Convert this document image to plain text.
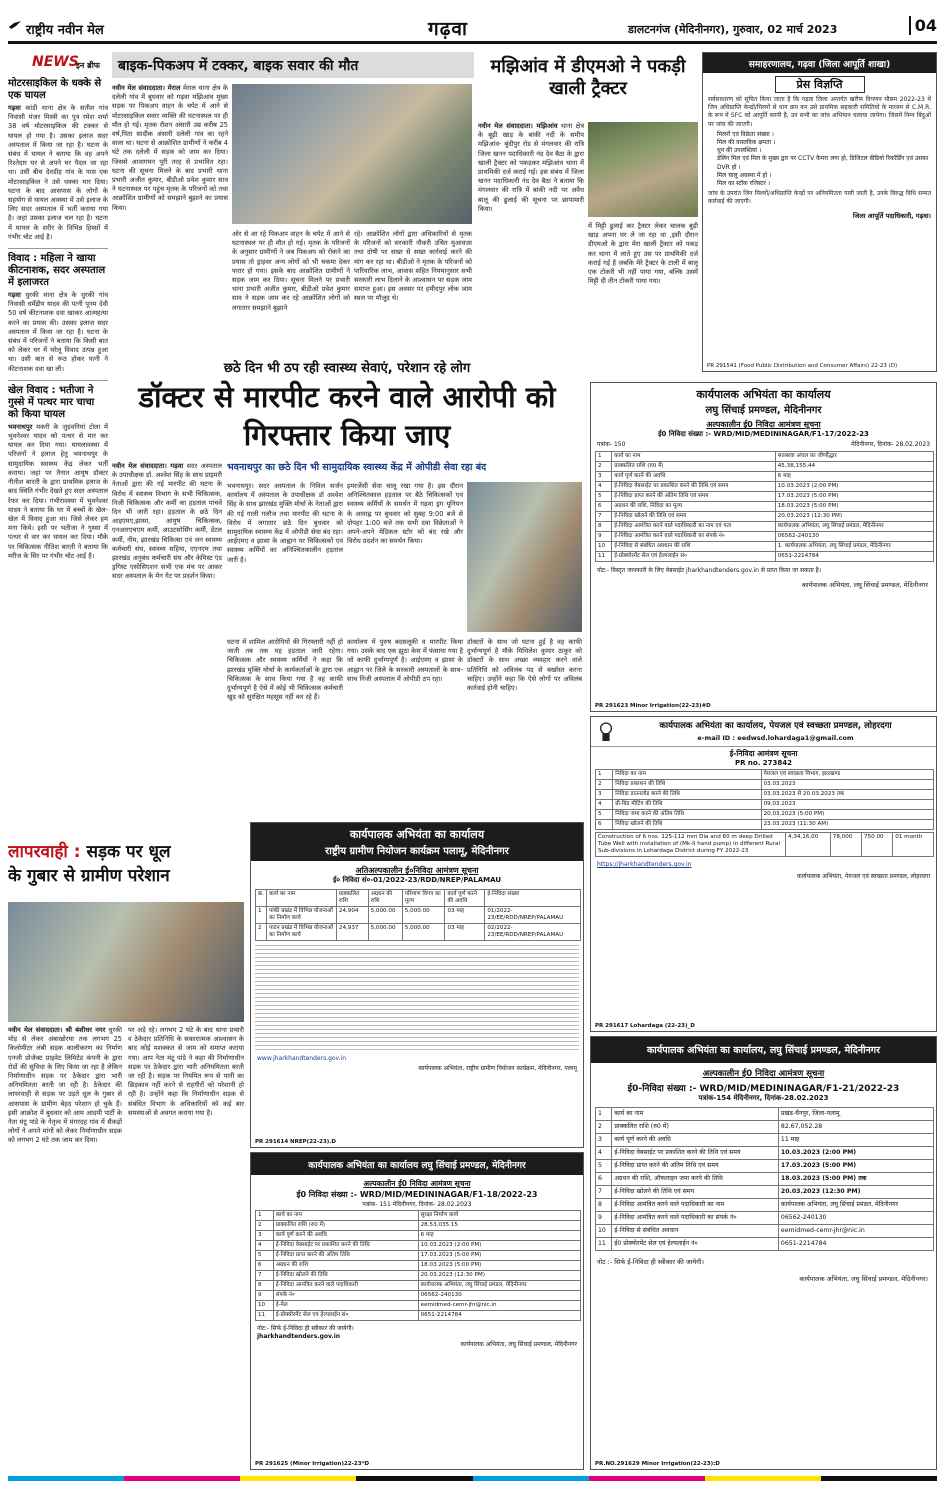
राष्ट्रीय नवीन मेल	गढ़वा	डालटनगंज (मेदिनीनगर), गुरुवार, 02 मार्च 2023	04
NEWS
इन ब्रीफ
मोटरसाइकिल के धक्के से एक घायल
गढ़वा कांडी थाना क्षेत्र के सतीश गांव निवासी मंजर मिस्त्री का पुत्र रमेश शर्मा 38 वर्ष मोटरसाइकिल की टक्कर से घायल हो गया है। उसका इलाज सदर अस्पताल में किया जा रहा है। घटना के संबंध में घायल ने बताया कि वह अपने रिश्तेदार घर से अपने घर पैदल जा रहा था। उसी बीच देवडीह गांव के पास एक मोटरसाइकिल ने उसे धक्का मार दिया। घटना के बाद आसपास के लोगों के सहयोग से घायल अवस्था में उसे इलाज के लिए सदर अस्पताल में भर्ती कराया गया है। जहां उसका इलाज चल रहा है। घटना में घायल के शरीर के विभिन्न हिस्सों में गंभीर चोट आई है।
विवाद : महिला ने खाया कीटनाशक, सदर अस्पताल में इलाजरत
गढ़वा धुरकी थाना क्षेत्र के धुरकी गांव निवासी धर्मेंद्रीय यादव की पत्नी पूनम देवी 50 वर्ष कीटनाशक दवा खाकर आत्महत्या करने का प्रयास की। उसका इलाज सदर अस्पताल में किया जा रहा है। घटना के संबंध में परिजनों ने बताया कि किसी बात को लेकर घर में घरेलू विवाद उत्पन्न हुआ था। उसी बात से रूठ होकर पत्नी ने कीटनाशक दवा खा ली।
खेल विवाद : भतीजा ने गुस्से में पत्थर मार चाचा को किया घायल
भवनाथपुर मकरी के जुड़वनियां टोला में भुवनेश्वर यादव को पत्थर से मार कर घायल कर दिया गया। घायलावस्था में परिजनों ने इलाज हेतु भवनाथपुर के सामुदायिक स्वास्थ्य केंद्र लेकर भर्ती कराया। जहां पर तैनात आयुष डॉक्टर नीतीश बारती के द्वारा प्राथमिक इलाज के बाद स्थिति गंभीर देखते हुए सदर अस्पताल रेफर कर दिया। गंभीरावस्था में भुवनेश्वर यादव ने बताया कि घर में बच्चों के खेल-खेल में विवाद हुआ था। जिसे लेकर हम मना किये। इसी पर भतीजा ने गुस्सा में पत्थर से वार कर घायल कर दिया। मौके पर चिकित्सक नीतिश बारती ने बताया कि मरीज के सिर पर गंभीर चोट आई है।
बाइक-पिकअप में टक्कर, बाइक सवार की मौत
नवीन मेल संवाददाता। मेराल मेराल थाना क्षेत्र के दलेली गांव में बुधवार को गढ़वा मझिआंव मुख्य सड़क पर पिकअप वाहन के चपेट में आने से मोटरसाइकिल सवार व्यक्ति की घटनास्थल पर ही मौत हो गई। मृतक रौशन अंसारी उम्र करीब 25 वर्ष,पिता सादीक अंसारी दलेली गांव का रहने वाला था। घटना से आक्रोशित ग्रामीणों ने करीब 4 घंटे तक दलेली में सड़क को जाम कर दिया। जिससे आवागमन पूरी तरह से प्रभावित रहा। घटना की सूचना मिलने के बाद प्रभारी थाना प्रभारी अजीत कुमार, बीडीओ प्रवेश कुमार साव ने घटनास्थल पर पहुंच मृतक के परिजनों को तथा आक्रोशित ग्रामीणों को समझाने बुझाने का प्रयास किया।
ओर से आ रहे पिकअप वाहन के चपेट में आने से घटनास्थल पर ही मौत हो गई। मृतक के परिजनों के अनुसार ग्रामीणों ने जब पिकअप को रोकने का प्रयास तो ड्राइवर अन्य लोगों को भी चकमा देकर फरार हो गया। इसके बाद आक्रोशित ग्रामीणों ने सड़क जाम कर दिया। सूचना मिलने पर प्रभारी थाना प्रभारी अजीत कुमार, बीडीओ प्रवेश कुमार साव ने सड़क जाम कर रहे आक्रोशित लोगों को लगातार समझाने बुझाने
रहे। आक्रोशित लोगों द्वारा अधिकारियों से मृतक के परिजनों को सरकारी नौकरी उचित मुआवजा तथा दोषी पर सख्त से सख्त कार्रवाई करने की मांग कर रहा था। बीडीओ ने मृतक के परिजनों को पारिवारिक लाभ, आवास सहित नियमानुसार सभी सरकारी लाभ दिलाने के आश्वासन पर सड़क जाम समाप्त हुआ। इस अवसर पर हमीदपुर लोक जाम स्थल पर मौजूद थे।
मझिआंव में डीएमओ ने पकड़ी खाली ट्रैक्टर
नवीन मेल संवाददाता। मझिआंव थाना क्षेत्र के बूढ़ी खाड़ के बांकी नदी के समीप मझिआंव- बुंदीपुर रोड से मंगलवार की रात्रि जिला खनन पदाधिकारी नंद देव बैठा के द्वारा खाली ट्रैक्टर को पकड़कर मझिआंव थाना में प्राथमिकी दर्ज कराई गई। इस संबंध में जिला खनन पदाधिकारी नंद देव बैठा ने बताया कि मंगलवार की रात्रि में बांकी नदी पर अवैध बालू की ढुलाई की सूचना पर छापामारी किया।
में मिट्टी ढुलाई कर ट्रैक्टर लेकर चालक बुड़ी खाड़ अपना घर ले जा रहा था ,इसी दौरान डीएमओ के द्वारा मेरा खाली ट्रैक्टर को पकड़ कर थाना में लाते हुए उस पर प्राथमिकी दर्ज कराई गई है जबकि मेरे ट्रैक्टर के टाली में बालू एक टोकरी भी नहीं पाया गया, बल्कि उसमें मिट्टी दी तीन टोकरी पाया गया।
समाहरणालय, गढ़वा (जिला आपूर्ति शाखा)
प्रेस विज्ञप्ति
सर्वसाधारण को सूचित किया जाता है कि गढ़वा जिला अन्तर्गत खरीफ विपणन मौसम 2022-23 में जिन अधिप्राप्ति केन्द्रों/मिलरों से धान क्रय कर उसे प्राथमिक सहकारी समितियों के माध्यम से C.M.R. के रूप में SFC को आपूर्ति करनी है, उन सभी का जांच अभियान चलाया जायेगा। जिसमें निम्न बिंदुओं पर जांच की जाएगी।
मिलरों एवं विक्रेता संख्या ।
मिल की वास्तविक क्षमता ।
धुन की उपलब्धियां ।
डेलिंग मिल एवं मिल के मुख्य द्वार पर CCTV कैमरा लगा हो, डिजिटल वीडियो रिकॉर्डिंग एवं उसका DVR हो ।
मिल चालू अवस्था में हो ।
मिल का स्टॉक रजिस्टर ।
जांच के उपरांत जिन मिलरों/अधिप्राप्ति केन्द्रों पर अनियमितता पायी जाती है, उनके विरुद्ध विधि सम्मत कार्रवाई की जाएगी।
जिला आपूर्ति पदाधिकारी, गढ़वा।
PR 291541 (Food Public Distribution and Consumer Affairs) 22-23 (D)
छठे दिन भी ठप रही स्वास्थ्य सेवाएं, परेशान रहे लोग
डॉक्टर से मारपीट करने वाले आरोपी को गिरफ्तार किया जाए
नवीन मेल संवाददाता। गढ़वा सदर अस्पताल के उपाधीक्षक डॉ. अश्वेश सिंह के साथ प्राइमरी नेताओं द्वारा की गई मारपीट की घटना के विरोध में स्वास्थ्य विभाग के सभी चिकित्सक, निजी चिकित्सक और कर्मी का हड़ताल पांचवें दिन भी जारी रहा। हड़ताल के छठे दिन आइएमए,झासा, आयुष चिकित्सक, एनआरएचएम कर्मी, आउटसोर्सिंग कर्मी, डेंटल कर्मी, नीम, झारखंड चिकित्सा एवं जन स्वास्थ्य कर्मचारी संघ, स्वास्थ्य सहिया, एएनएम तथा झारखंड अनुबंध कर्मचारी संघ और केमिस्ट एंड ड्रगिस्ट एसोसिएशन सभी एक मंच पर आकर सदर अस्पताल के मेन गेट पर प्रदर्शन किया।
भवनाथपुर का छठे दिन भी सामुदायिक स्वास्थ्य केंद्र में ओपीडी सेवा रहा बंद
भवनाथपुर। सदर अस्पताल के निविल सर्जन कार्यालय में अस्पताल के उपाधीक्षक डॉ अश्वेश सिंह के साथ झारखंड मुक्ति मोर्चा के नेताओं द्वारा की गई गाली गलौज तथा मारपीट की घटना के विरोध में लगातार छठे दिन बुधवार को सामुदायिक स्वास्थ्य केंद्र में ओपीडी सेवा बंद रहा। आईएमए व झासा के आह्वान पर चिकित्सकों एवं स्वास्थ्य कर्मियों का अनिश्चितकालीन हड़ताल जारी है।
इमरजेंसी सेवा चालू रखा गया है। इस दौरान अनिश्चितकाल हड़ताल पर बैठे चिकित्सकों एवं स्वास्थ्य कर्मियों के समर्थन में गढ़वा ड्रग यूनियन के आवाह्न पर बुधवार को सुबह 9:00 बजे से दोपहर 1:00 बजे तक सभी दवा विक्रेताओं ने अपने-अपने मेडिकल स्टोर को बंद रखे और विरोध प्रदर्शन का समर्थन किया।
घटना में शामिल आरोपियों की गिरफ्तारी नहीं हो जाती तब तक यह हड़ताल जारी रहेगा। चिकित्सक और स्वास्थ्य कर्मियों ने कहा कि झारखंड मुक्ति मोर्चा के कार्यकर्ताओं के द्वारा एक चिकित्सक के साथ किया गया है वह काफी दुर्भाग्यपूर्ण है ऐसे में कोई भी चिकित्सक कर्मचारी खुद को सुरक्षित महसूस नहीं कर रहे हैं।
कार्यालय में पुरुष बदसलूकी व मारपीट किया गया। उसके बाद एक झूठा केस में फंसाया गया है जो काफी दुर्भाग्यपूर्ण है। आईएमए व झासा के आह्वान पर जिले के सरकारी अस्पतालों के साथ-साथ निजी अस्पताल में ओपीडी ठप रहा।
डॉक्टरों के साथ जो घटना हुई है वह काफी दुर्भाग्यपूर्ण है मौके मिथिलेश कुमार ठाकुर को डॉक्टरों के साथ अच्छा व्यवहार करने वाले प्रतिनिधि को अविलंब पद से बर्खास्त करना चाहिए। उन्होंने कहा कि ऐसे लोगों पर अविलंब कार्रवाई होनी चाहिए।
कार्यपालक अभियंता का कार्यालय
लघु सिंचाई प्रमण्डल, मेदिनीनगर
अल्पकालीन ई0 निविदा आमंत्रण सूचना
ई0 निविदा संख्या :- WRD/MID/MEDININAGAR/F1-17/2022-23
पत्रांक- 150	मेदिनीनगर, दिनांक- 28.02.2023
1	कार्य का नाम	सतबरवा अंचल का जीर्णोद्धार
2	प्राक्कलित राशि (रु0 में)	45,38,155.44
3	कार्य पूर्ण करने की अवधि	6 माह
4	ई-निविदा वेबसाईट पर प्रकाशित करने की तिथि एवं समय	10.03.2023 (2:00 PM)
5	ई-निविदा प्राप्त करने की अंतिम तिथि एवं समय	17.03.2023 (5:00 PM)
6	अग्रधन की राशि, निविदा का मूल्य	18.03.2023 (5:00 PM)
7	ई-निविदा खोलने की तिथि एवं समय	20.03.2023 (12:30 PM)
8	ई-निविदा आमंत्रित करने वाले पदाधिकारी का नाम एवं पता	कार्यपालक अभियंता, लघु सिंचाई प्रमंडल, मेदिनीनगर
9	ई-निविदा आमंत्रित करने वाले पदाधिकारी का संपर्क नं०	06562-240130
10	ई-निविदा से संबंधित अवधान की राशि	1. कार्यपालक अभियंता, लघु सिंचाई प्रमंडल, मेदिनीनगर
11	ई-प्रोक्योरमेंट सेल एवं हेल्पलाईन सं०	0651-2214784
नोट:- विस्तृत जानकारी के लिए वेबसाईट jharkhandtenders.gov.in से प्राप्त किया जा सकता है।
कार्यपालक अभियंता, लघु सिंचाई प्रमण्डल, मेदिनीनगर
PR 291623 Minor Irrigation(22-23)#D
कार्यपालक अभियंता का कार्यालय, पेयजल एवं स्वच्छता प्रमण्डल, लोहरदगा
e-mail ID : eedwsd.lohardaga1@gmail.com
ई-निविदा आमंत्रण सूचना
PR no. 273842
1	निविदा का नाम	पेयजल एवं स्वच्छता विभाग, झारखण्ड
2	निविदा प्रकाशन की तिथि	03.03.2023
3	निविदा डाउनलोड करने की तिथि	03.03.2023 से 20.03.2023 तक
4	प्री-बिड मीटिंग की तिथि	09.03.2023
5	निविदा जमा करने की अंतिम तिथि	20.03.2023 (5:00 PM)
6	निविदा खोलने की तिथि	23.03.2023 (11:30 AM)
Construction of 6 nos. 125-112 mm Dia and 60 m deep Drilled Tube Well with installation of (Mk-II hand pump) in different Rural Sub-divisions in Lohardaga District during FY 2022-23	4,34,16,00	78,000	750.00	01 month
https://jharkhandtenders.gov.in
कार्यपालक अभियंता, पेयजल एवं स्वच्छता प्रमण्डल, लोहरदगा
PR 291617 Lohardaga (22-23)_D
लापरवाही : सड़क पर धूल
के गुबार से ग्रामीण परेशान
नवीन मेल संवाददाता। श्री बंशीधर नगर धुरकी मोड़ से लेकर अंबाखोरया तक लगभग 25 किलोमीटर लंबी सड़क कालीकरण का निर्माण एनजी प्रोजेक्ट प्राइवेट लिमिटेड कंपनी के द्वारा रोडों की सुविधा के लिए किया जा रहा है लेकिन निर्माणाधीन सड़क पर ठेकेदार द्वारा भारी अनियमितता बरती जा रही है। ठेकेदार की लापरवाही से सड़क पर उड़ते धूल के गुबार से आसपास के ग्रामीण बेहद परेशान हो चुके हैं। इसी आक्रोश में बुधवार को आम आदमी पार्टी के नेता मंटू पांडे के नेतृत्व में मंगरदह गांव में सैकड़ों लोगों ने अपने मांगों को लेकर निर्माणाधीन सड़क को लगभग 2 घंटे तक जाम कर दिया।
पर अड़े रहे। लगभग 2 घंटे के बाद थाना प्रभारी व ठेकेदार प्रतिनिधि के सकारात्मक आश्वासन के बाद कोई मशक्कत से जाम को समाप्त कराया गया। आप नेता मंटू पांडे ने कहा की निर्माणाधीन सड़क पर ठेकेदार द्वारा भारी अनियमितता बरती जा रही है। सड़क पर नियमित रूप से पानी का छिड़काव नहीं करने से राहगीरों को परेशानी हो रही है। उन्होंने कहा कि निर्माणाधीन सड़क से संबंधित विभाग के अधिकारियों को कई बार समस्याओं से अवगत कराया गया है।
कार्यपालक अभियंता का कार्यालय
राष्ट्रीय ग्रामीण नियोजन कार्यक्रम पलामू, मेदिनीनगर
अतिअल्पकालीन ई०निविदा आमंत्रण सूचना
ई० निविदा सं०-01/2022-23/RDD/NREP/PALAMAU
क्र.	कार्य का नाम	प्राक्कलित राशि	अग्रधन की राशि	परिमाण विपत्र का मूल्य	कार्य पूर्ण करने की अवधि	ई-निविदा संख्या
1	पांकी प्रखंड में विभिन्न योजनाओं का निर्माण कार्य	24,904	5,000.00	5,000.00	03 माह	01/2022-23/EE/RDD/NREP/PALAMAU
2	पाटन प्रखंड में विभिन्न योजनाओं का निर्माण कार्य	24,937	5,000.00	5,000.00	03 माह	02/2022-23/EE/RDD/NREP/PALAMAU
www.jharkhandtenders.gov.in
कार्यपालक अभियंता, राष्ट्रीय ग्रामीण नियोजन कार्यक्रम, मेदिनीनगर, पलामू
PR 291614 NREP(22-23).D
कार्यपालक अभियंता का कार्यालय लघु सिंचाई प्रमण्डल, मेदिनीनगर
अल्पकालीन ई0 निविदा आमंत्रण सूचना
ई0 निविदा संख्या :- WRD/MID/MEDININAGAR/F1-18/2022-23
पत्रांक- 151 मेदिनीनगर, दिनांक- 28.02.2023
1	कार्य का नाम	सुरक्षा निर्माण कार्य
2	प्राक्कलित राशि (रु0 में)	28,53,035.15
3	कार्य पूर्ण करने की अवधि	6 माह
4	ई-निविदा वेबसाईट पर प्रकाशित करने की तिथि	10.03.2023 (2:00 PM)
5	ई-निविदा प्राप्त करने की अंतिम तिथि	17.03.2023 (5:00 PM)
6	अग्रधन की राशि	18.03.2023 (5:00 PM)
7	ई-निविदा खोलने की तिथि	20.03.2023 (12:30 PM)
8	ई-निविदा आमंत्रित करने वाले पदाधिकारी	कार्यपालक अभियंता, लघु सिंचाई प्रमंडल, मेदिनीनगर
9	संपर्क नं०	06562-240130
10	ई-मेल	eemidmed-cemr-jhr@nic.in
11	ई-प्रोक्योरमेंट सेल एवं हेल्पलाईन सं०	0651-2214784
नोट:- सिर्फ ई-निविदा ही स्वीकार की जायेगी।
jharkhandtenders.gov.in
कार्यपालक अभियंता, लघु सिंचाई प्रमण्डल, मेदिनीनगर
PR 291625 (Minor Irrigation)22-23*D
कार्यपालक अभियंता का कार्यालय, लघु सिंचाई प्रमण्डल, मेदिनीनगर
अल्पकालीन ई0 निविदा आमंत्रण सूचना
ई0-निविदा संख्या :- WRD/MID/MEDININAGAR/F1-21/2022-23
पत्रांक-154 मेदिनीनगर, दिनांक-28.02.2023
1	कार्य का नाम	प्रखंड-चैनपुर, जिला-पलामू
2	प्राक्कलित राशि (रु0 में)	82,67,052.28
3	कार्य पूर्ण करने की अवधि	11 माह
4	ई-निविदा वेबसाईट पर प्रकाशित करने की तिथि एवं समय	10.03.2023 (2:00 PM)
5	ई-निविदा प्राप्त करने की अंतिम तिथि एवं समय	17.03.2023 (5:00 PM)
6	अग्रधन की राशि, ऑफलाइन जमा करने की तिथि	18.03.2023 (5:00 PM) तक
7	ई-निविदा खोलने की तिथि एवं समय	20.03.2023 (12:30 PM)
8	ई-निविदा आमंत्रित करने वाले पदाधिकारी का नाम	कार्यपालक अभियंता, लघु सिंचाई प्रमंडल, मेदिनीनगर
9	ई-निविदा आमंत्रित करने वाले पदाधिकारी का संपर्क नं०	06562-240130
10	ई-निविदा से संबंधित अवधान	eemidmed-cemr-jhr@nic.in
11	ई0 प्रोक्योरमेंट सेल एवं हेल्पलाईन नं०	0651-2214784
नोट :- सिर्फ ई-निविदा ही स्वीकार की जायेगी।
कार्यपालक अभियंता, लघु सिंचाई प्रमण्डल, मेदिनीनगर।
PR.NO.291629 Minor Irrigation(22-23):D
